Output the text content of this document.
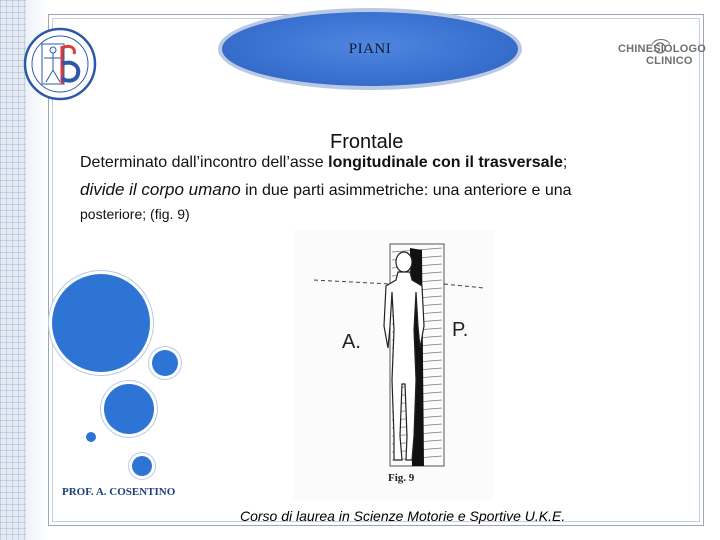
PIANI	CHINESIOLOGO
CLINICO
Frontale
Determinato dall’incontro dell’asse longitudinale con il trasversale;
divide il corpo umano in due parti asimmetriche: una anteriore e una
posteriore; (fig. 9)
A.
P.
Fig. 9
PROF. A. COSENTINO
Corso di laurea in Scienze Motorie e Sportive U.K.E.
